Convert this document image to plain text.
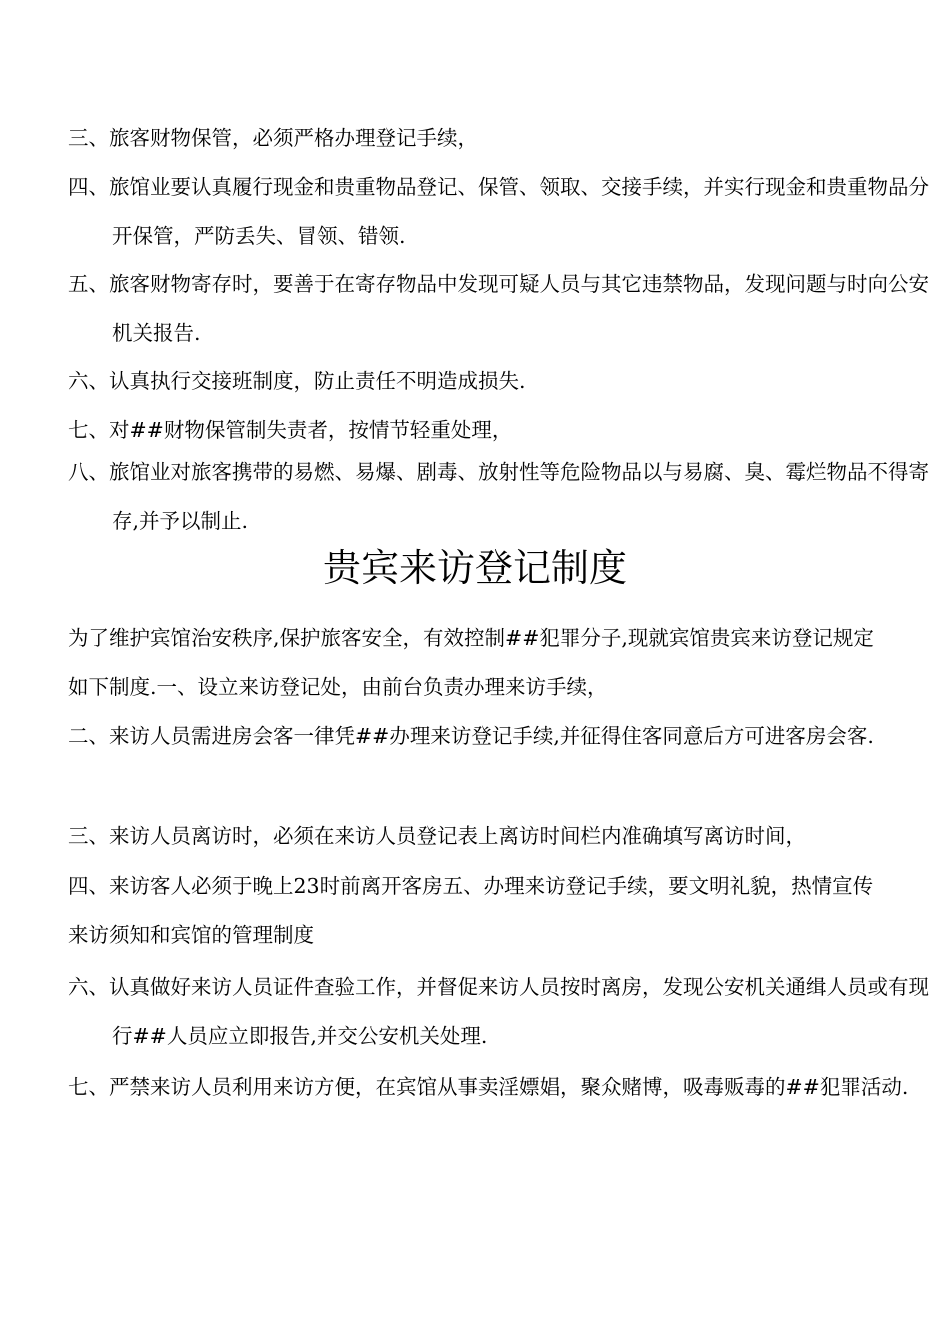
三、旅客财物保管，必须严格办理登记手续，

四、旅馆业要认真履行现金和贵重物品登记、保管、领取、交接手续，并实行现金和贵重物品分开保管，严防丢失、冒领、错领.

五、旅客财物寄存时，要善于在寄存物品中发现可疑人员与其它违禁物品，发现问题与时向公安机关报告.

六、认真执行交接班制度，防止责任不明造成损失.

七、对##财物保管制失责者，按情节轻重处理，

八、旅馆业对旅客携带的易燃、易爆、剧毒、放射性等危险物品以与易腐、臭、霉烂物品不得寄存,并予以制止.

贵宾来访登记制度

为了维护宾馆治安秩序,保护旅客安全，有效控制##犯罪分子,现就宾馆贵宾来访登记规定如下制度.一、设立来访登记处，由前台负责办理来访手续，

二、来访人员需进房会客一律凭##办理来访登记手续,并征得住客同意后方可进客房会客.

三、来访人员离访时，必须在来访人员登记表上离访时间栏内准确填写离访时间，

四、来访客人必须于晚上23时前离开客房五、办理来访登记手续，要文明礼貌，热情宣传来访须知和宾馆的管理制度

六、认真做好来访人员证件查验工作，并督促来访人员按时离房，发现公安机关通缉人员或有现行##人员应立即报告,并交公安机关处理.

七、严禁来访人员利用来访方便，在宾馆从事卖淫嫖娼，聚众赌博，吸毒贩毒的##犯罪活动.
